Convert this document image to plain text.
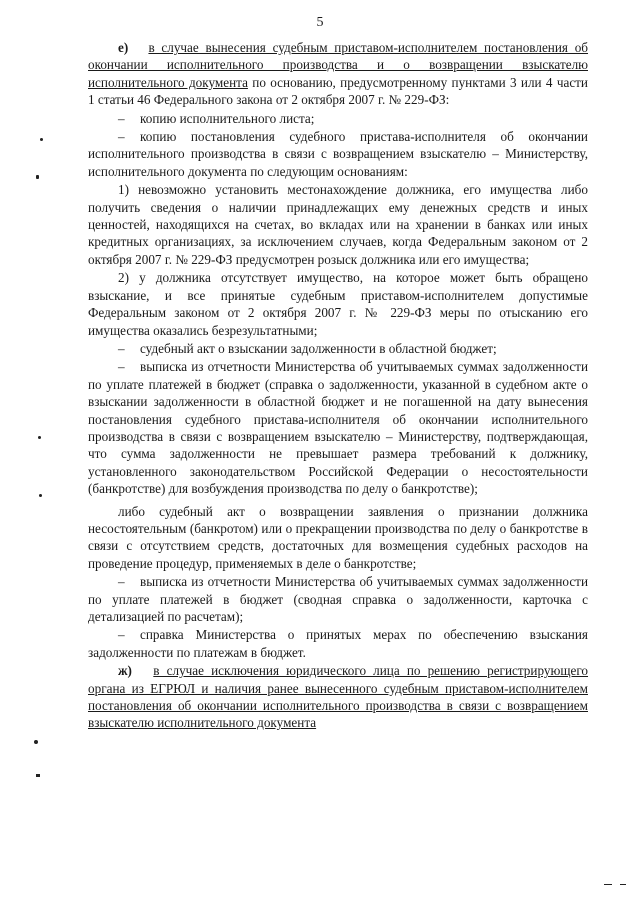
5

е) в случае вынесения судебным приставом-исполнителем постановления об окончании исполнительного производства и о возвращении взыскателю исполнительного документа по основанию, предусмотренному пунктами 3 или 4 части 1 статьи 46 Федерального закона от 2 октября 2007 г. № 229-ФЗ:

– копию исполнительного листа;

– копию постановления судебного пристава-исполнителя об окончании исполнительного производства в связи с возвращением взыскателю – Министерству, исполнительного документа по следующим основаниям:

1) невозможно установить местонахождение должника, его имущества либо получить сведения о наличии принадлежащих ему денежных средств и иных ценностей, находящихся на счетах, во вкладах или на хранении в банках или иных кредитных организациях, за исключением случаев, когда Федеральным законом от 2 октября 2007 г. № 229-ФЗ предусмотрен розыск должника или его имущества;

2) у должника отсутствует имущество, на которое может быть обращено взыскание, и все принятые судебным приставом-исполнителем допустимые Федеральным законом от 2 октября 2007 г. № 229-ФЗ меры по отысканию его имущества оказались безрезультатными;

– судебный акт о взыскании задолженности в областной бюджет;

– выписка из отчетности Министерства об учитываемых суммах задолженности по уплате платежей в бюджет (справка о задолженности, указанной в судебном акте о взыскании задолженности в областной бюджет и не погашенной на дату вынесения постановления судебного пристава-исполнителя об окончании исполнительного производства в связи с возвращением взыскателю – Министерству, подтверждающая, что сумма задолженности не превышает размера требований к должнику, установленного законодательством Российской Федерации о несостоятельности (банкротстве) для возбуждения производства по делу о банкротстве);

либо судебный акт о возвращении заявления о признании должника несостоятельным (банкротом) или о прекращении производства по делу о банкротстве в связи с отсутствием средств, достаточных для возмещения судебных расходов на проведение процедур, применяемых в деле о банкротстве;

– выписка из отчетности Министерства об учитываемых суммах задолженности по уплате платежей в бюджет (сводная справка о задолженности, карточка с детализацией по расчетам);

– справка Министерства о принятых мерах по обеспечению взыскания задолженности по платежам в бюджет.

ж) в случае исключения юридического лица по решению регистрирующего органа из ЕГРЮЛ и наличия ранее вынесенного судебным приставом-исполнителем постановления об окончании исполнительного производства в связи с возвращением взыскателю исполнительного документа
